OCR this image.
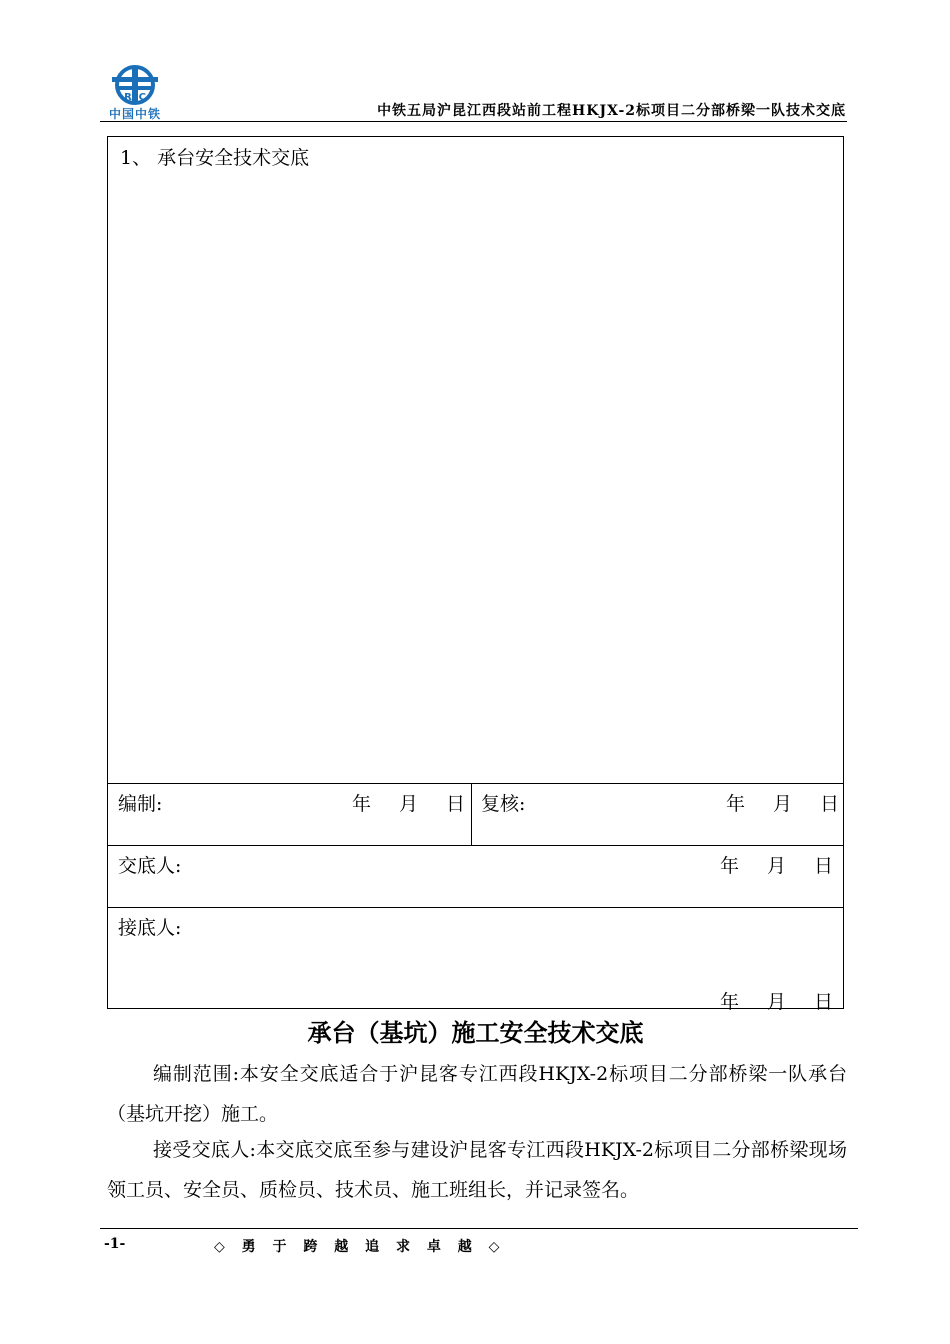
REC
中国中铁	中铁五局沪昆江西段站前工程HKJX-2标项目二分部桥梁一队技术交底
1、 承台安全技术交底
编制:	年 月 日 复核:	年 月 日
交底人:	年 月 日
接底人:
年 月 日
承台（基坑）施工安全技术交底
编制范围:本安全交底适合于沪昆客专江西段HKJX-2标项目二分部桥梁一队承台（基坑开挖）施工。
接受交底人:本交底交底至参与建设沪昆客专江西段HKJX-2标项目二分部桥梁现场领工员、安全员、质检员、技术员、施工班组长，并记录签名。
-1-	◇ 勇 于 跨 越 追 求 卓 越 ◇
